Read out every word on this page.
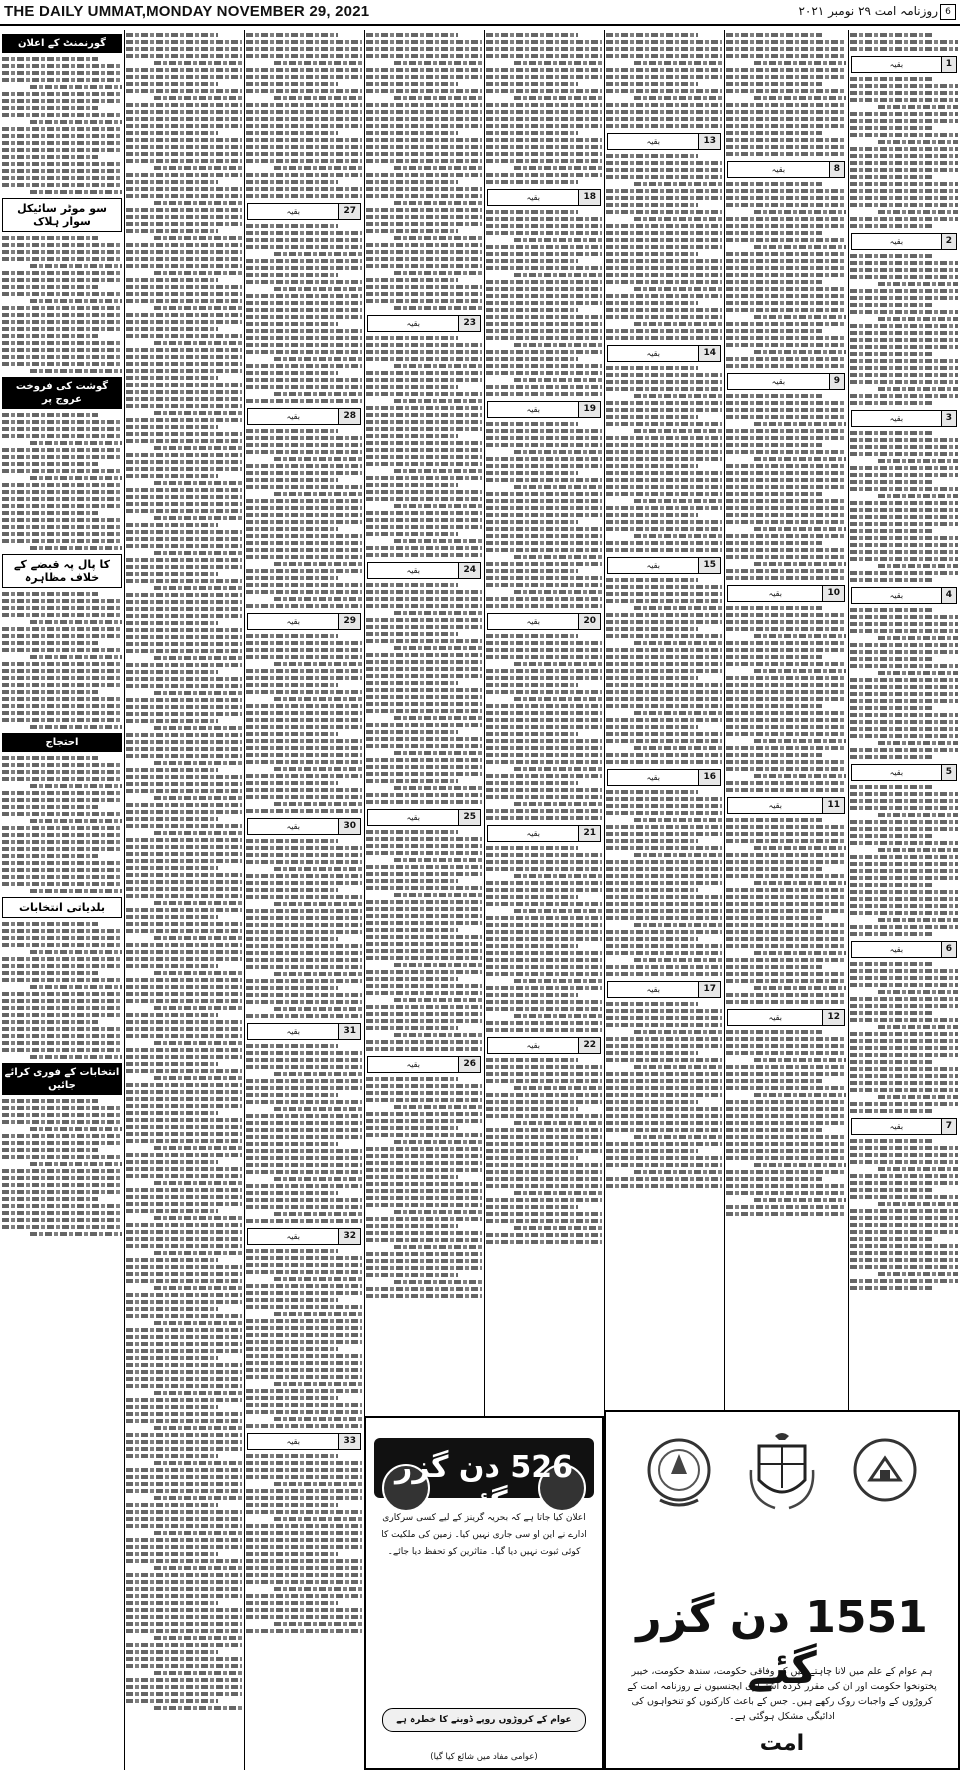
THE DAILY UMMAT,MONDAY NOVEMBER 29, 2021	روزنامہ امت ۲۹ نومبر ۲۰۲۱ 6
1
بقیہ
2
بقیہ
3
بقیہ
4
بقیہ
5
بقیہ
6
بقیہ
7
بقیہ
8
بقیہ
9
بقیہ
10
بقیہ
11
بقیہ
12
بقیہ
13
بقیہ
14
بقیہ
15
بقیہ
16
بقیہ
17
بقیہ
18
بقیہ
19
بقیہ
20
بقیہ
21
بقیہ
22
بقیہ
23
بقیہ
24
بقیہ
25
بقیہ
26
بقیہ
27
بقیہ
28
بقیہ
29
بقیہ
30
بقیہ
31
بقیہ
32
بقیہ
33
بقیہ
گورنمنٹ کے اعلان
سو موٹر سائیکل سوار ہلاک
گوشت کی فروخت عروج پر
کا پال پہ قبضے کے خلاف مظاہرہ
احتجاج
بلدیاتی انتخابات
انتخابات کے فوری کرائے جائیں
526 دن گزر گئے
اعلان کیا جاتا ہے کہ بحریہ گرینز کے لیے کسی سرکاری ادارے نے این او سی جاری نہیں کیا۔ زمین کی ملکیت کا کوئی ثبوت نہیں دیا گیا۔ متاثرین کو تحفظ دیا جائے۔
عوام کے کروڑوں روپے ڈوبنے کا خطرہ ہے
(عوامی مفاد میں شائع کیا گیا)
1551 دن گزر گئے
ہم عوام کے علم میں لانا چاہتے ہیں کہ وفاقی حکومت، سندھ حکومت، خیبر پختونخوا حکومت اور ان کی مقرر کردہ اشتہاری ایجنسیوں نے روزنامہ امت کے کروڑوں کے واجبات روک رکھے ہیں۔ جس کے باعث کارکنوں کو تنخواہوں کی ادائیگی مشکل ہوگئی ہے۔
امت
